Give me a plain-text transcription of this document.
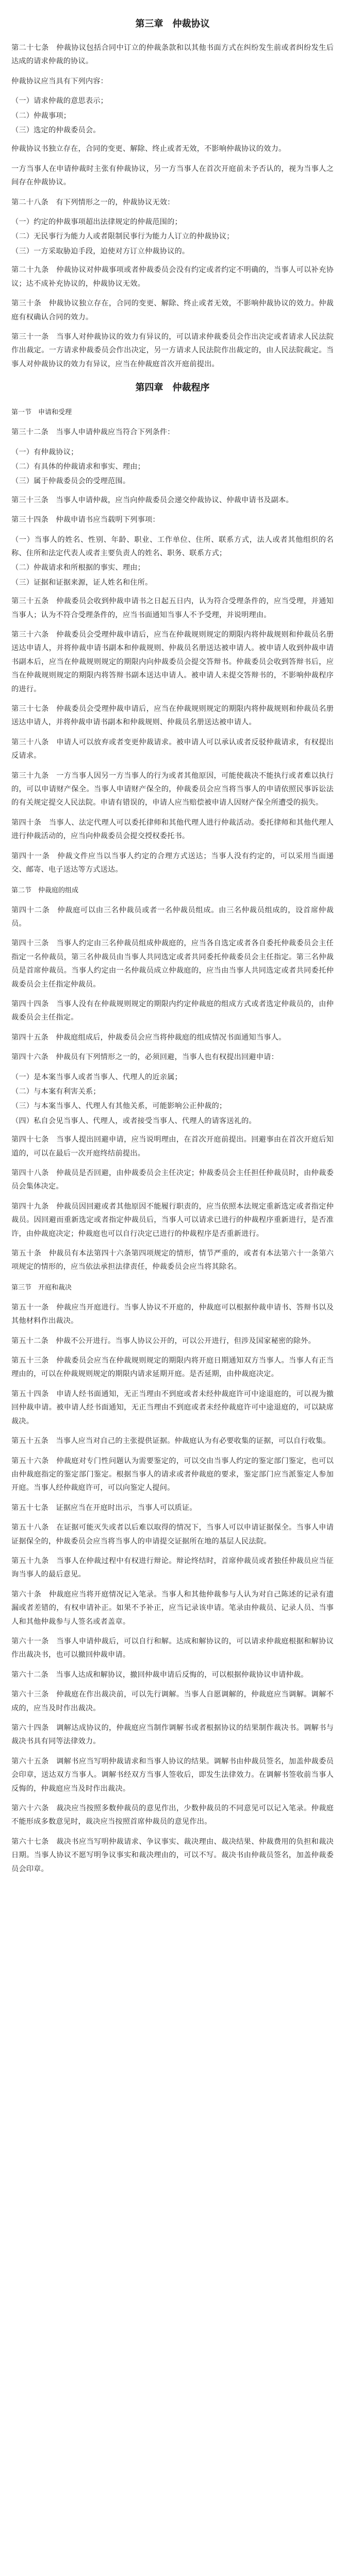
第三章　仲裁协议
第二十七条　仲裁协议包括合同中订立的仲裁条款和以其他书面方式在纠纷发生前或者纠纷发生后达成的请求仲裁的协议。
仲裁协议应当具有下列内容：
（一）请求仲裁的意思表示；
（二）仲裁事项；
（三）选定的仲裁委员会。
仲裁协议书独立存在，合同的变更、解除、终止或者无效，不影响仲裁协议的效力。
一方当事人在申请仲裁时主张有仲裁协议，另一方当事人在首次开庭前未予否认的，视为当事人之间存在仲裁协议。
第二十八条　有下列情形之一的，仲裁协议无效：
（一）约定的仲裁事项超出法律规定的仲裁范围的；
（二）无民事行为能力人或者限制民事行为能力人订立的仲裁协议；
（三）一方采取胁迫手段，迫使对方订立仲裁协议的。
第二十九条　仲裁协议对仲裁事项或者仲裁委员会没有约定或者约定不明确的，当事人可以补充协议；达不成补充协议的，仲裁协议无效。
第三十条　仲裁协议独立存在，合同的变更、解除、终止或者无效，不影响仲裁协议的效力。仲裁庭有权确认合同的效力。
第三十一条　当事人对仲裁协议的效力有异议的，可以请求仲裁委员会作出决定或者请求人民法院作出裁定。一方请求仲裁委员会作出决定，另一方请求人民法院作出裁定的，由人民法院裁定。当事人对仲裁协议的效力有异议，应当在仲裁庭首次开庭前提出。
第四章　仲裁程序
第一节　申请和受理
第三十二条　当事人申请仲裁应当符合下列条件：
（一）有仲裁协议；
（二）有具体的仲裁请求和事实、理由；
（三）属于仲裁委员会的受理范围。
第三十三条　当事人申请仲裁，应当向仲裁委员会递交仲裁协议、仲裁申请书及副本。
第三十四条　仲裁申请书应当载明下列事项：
（一）当事人的姓名、性别、年龄、职业、工作单位、住所、联系方式，法人或者其他组织的名称、住所和法定代表人或者主要负责人的姓名、职务、联系方式；
（二）仲裁请求和所根据的事实、理由；
（三）证据和证据来源，证人姓名和住所。
第三十五条　仲裁委员会收到仲裁申请书之日起五日内，认为符合受理条件的，应当受理，并通知当事人；认为不符合受理条件的，应当书面通知当事人不予受理，并说明理由。
第三十六条　仲裁委员会受理仲裁申请后，应当在仲裁规则规定的期限内将仲裁规则和仲裁员名册送达申请人，并将仲裁申请书副本和仲裁规则、仲裁员名册送达被申请人。被申请人收到仲裁申请书副本后，应当在仲裁规则规定的期限内向仲裁委员会提交答辩书。仲裁委员会收到答辩书后，应当在仲裁规则规定的期限内将答辩书副本送达申请人。被申请人未提交答辩书的，不影响仲裁程序的进行。
第三十七条　仲裁委员会受理仲裁申请后，应当在仲裁规则规定的期限内将仲裁规则和仲裁员名册送达申请人，并将仲裁申请书副本和仲裁规则、仲裁员名册送达被申请人。
第三十八条　申请人可以放弃或者变更仲裁请求。被申请人可以承认或者反驳仲裁请求，有权提出反请求。
第三十九条　一方当事人因另一方当事人的行为或者其他原因，可能使裁决不能执行或者难以执行的，可以申请财产保全。当事人申请财产保全的，仲裁委员会应当将当事人的申请依照民事诉讼法的有关规定提交人民法院。申请有错误的，申请人应当赔偿被申请人因财产保全所遭受的损失。
第四十条　当事人、法定代理人可以委托律师和其他代理人进行仲裁活动。委托律师和其他代理人进行仲裁活动的，应当向仲裁委员会提交授权委托书。
第四十一条　仲裁文件应当以当事人约定的合理方式送达；当事人没有约定的，可以采用当面递交、邮寄、电子送达等方式送达。
第二节　仲裁庭的组成
第四十二条　仲裁庭可以由三名仲裁员或者一名仲裁员组成。由三名仲裁员组成的，设首席仲裁员。
第四十三条　当事人约定由三名仲裁员组成仲裁庭的，应当各自选定或者各自委托仲裁委员会主任指定一名仲裁员，第三名仲裁员由当事人共同选定或者共同委托仲裁委员会主任指定。第三名仲裁员是首席仲裁员。当事人约定由一名仲裁员成立仲裁庭的，应当由当事人共同选定或者共同委托仲裁委员会主任指定仲裁员。
第四十四条　当事人没有在仲裁规则规定的期限内约定仲裁庭的组成方式或者选定仲裁员的，由仲裁委员会主任指定。
第四十五条　仲裁庭组成后，仲裁委员会应当将仲裁庭的组成情况书面通知当事人。
第四十六条　仲裁员有下列情形之一的，必须回避，当事人也有权提出回避申请：
（一）是本案当事人或者当事人、代理人的近亲属；
（二）与本案有利害关系；
（三）与本案当事人、代理人有其他关系，可能影响公正仲裁的；
（四）私自会见当事人、代理人，或者接受当事人、代理人的请客送礼的。
第四十七条　当事人提出回避申请，应当说明理由，在首次开庭前提出。回避事由在首次开庭后知道的，可以在最后一次开庭终结前提出。
第四十八条　仲裁员是否回避，由仲裁委员会主任决定；仲裁委员会主任担任仲裁员时，由仲裁委员会集体决定。
第四十九条　仲裁员因回避或者其他原因不能履行职责的，应当依照本法规定重新选定或者指定仲裁员。因回避而重新选定或者指定仲裁员后，当事人可以请求已进行的仲裁程序重新进行，是否准许，由仲裁庭决定；仲裁庭也可以自行决定已进行的仲裁程序是否重新进行。
第五十条　仲裁员有本法第四十六条第四项规定的情形，情节严重的，或者有本法第六十一条第六项规定的情形的，应当依法承担法律责任，仲裁委员会应当将其除名。
第三节　开庭和裁决
第五十一条　仲裁应当开庭进行。当事人协议不开庭的，仲裁庭可以根据仲裁申请书、答辩书以及其他材料作出裁决。
第五十二条　仲裁不公开进行。当事人协议公开的，可以公开进行，但涉及国家秘密的除外。
第五十三条　仲裁委员会应当在仲裁规则规定的期限内将开庭日期通知双方当事人。当事人有正当理由的，可以在仲裁规则规定的期限内请求延期开庭。是否延期，由仲裁庭决定。
第五十四条　申请人经书面通知，无正当理由不到庭或者未经仲裁庭许可中途退庭的，可以视为撤回仲裁申请。被申请人经书面通知，无正当理由不到庭或者未经仲裁庭许可中途退庭的，可以缺席裁决。
第五十五条　当事人应当对自己的主张提供证据。仲裁庭认为有必要收集的证据，可以自行收集。
第五十六条　仲裁庭对专门性问题认为需要鉴定的，可以交由当事人约定的鉴定部门鉴定，也可以由仲裁庭指定的鉴定部门鉴定。根据当事人的请求或者仲裁庭的要求，鉴定部门应当派鉴定人参加开庭。当事人经仲裁庭许可，可以向鉴定人提问。
第五十七条　证据应当在开庭时出示，当事人可以质证。
第五十八条　在证据可能灭失或者以后难以取得的情况下，当事人可以申请证据保全。当事人申请证据保全的，仲裁委员会应当将当事人的申请提交证据所在地的基层人民法院。
第五十九条　当事人在仲裁过程中有权进行辩论。辩论终结时，首席仲裁员或者独任仲裁员应当征询当事人的最后意见。
第六十条　仲裁庭应当将开庭情况记入笔录。当事人和其他仲裁参与人认为对自己陈述的记录有遗漏或者差错的，有权申请补正。如果不予补正，应当记录该申请。笔录由仲裁员、记录人员、当事人和其他仲裁参与人签名或者盖章。
第六十一条　当事人申请仲裁后，可以自行和解。达成和解协议的，可以请求仲裁庭根据和解协议作出裁决书，也可以撤回仲裁申请。
第六十二条　当事人达成和解协议，撤回仲裁申请后反悔的，可以根据仲裁协议申请仲裁。
第六十三条　仲裁庭在作出裁决前，可以先行调解。当事人自愿调解的，仲裁庭应当调解。调解不成的，应当及时作出裁决。
第六十四条　调解达成协议的，仲裁庭应当制作调解书或者根据协议的结果制作裁决书。调解书与裁决书具有同等法律效力。
第六十五条　调解书应当写明仲裁请求和当事人协议的结果。调解书由仲裁员签名，加盖仲裁委员会印章，送达双方当事人。调解书经双方当事人签收后，即发生法律效力。在调解书签收前当事人反悔的，仲裁庭应当及时作出裁决。
第六十六条　裁决应当按照多数仲裁员的意见作出，少数仲裁员的不同意见可以记入笔录。仲裁庭不能形成多数意见时，裁决应当按照首席仲裁员的意见作出。
第六十七条　裁决书应当写明仲裁请求、争议事实、裁决理由、裁决结果、仲裁费用的负担和裁决日期。当事人协议不愿写明争议事实和裁决理由的，可以不写。裁决书由仲裁员签名，加盖仲裁委员会印章。
